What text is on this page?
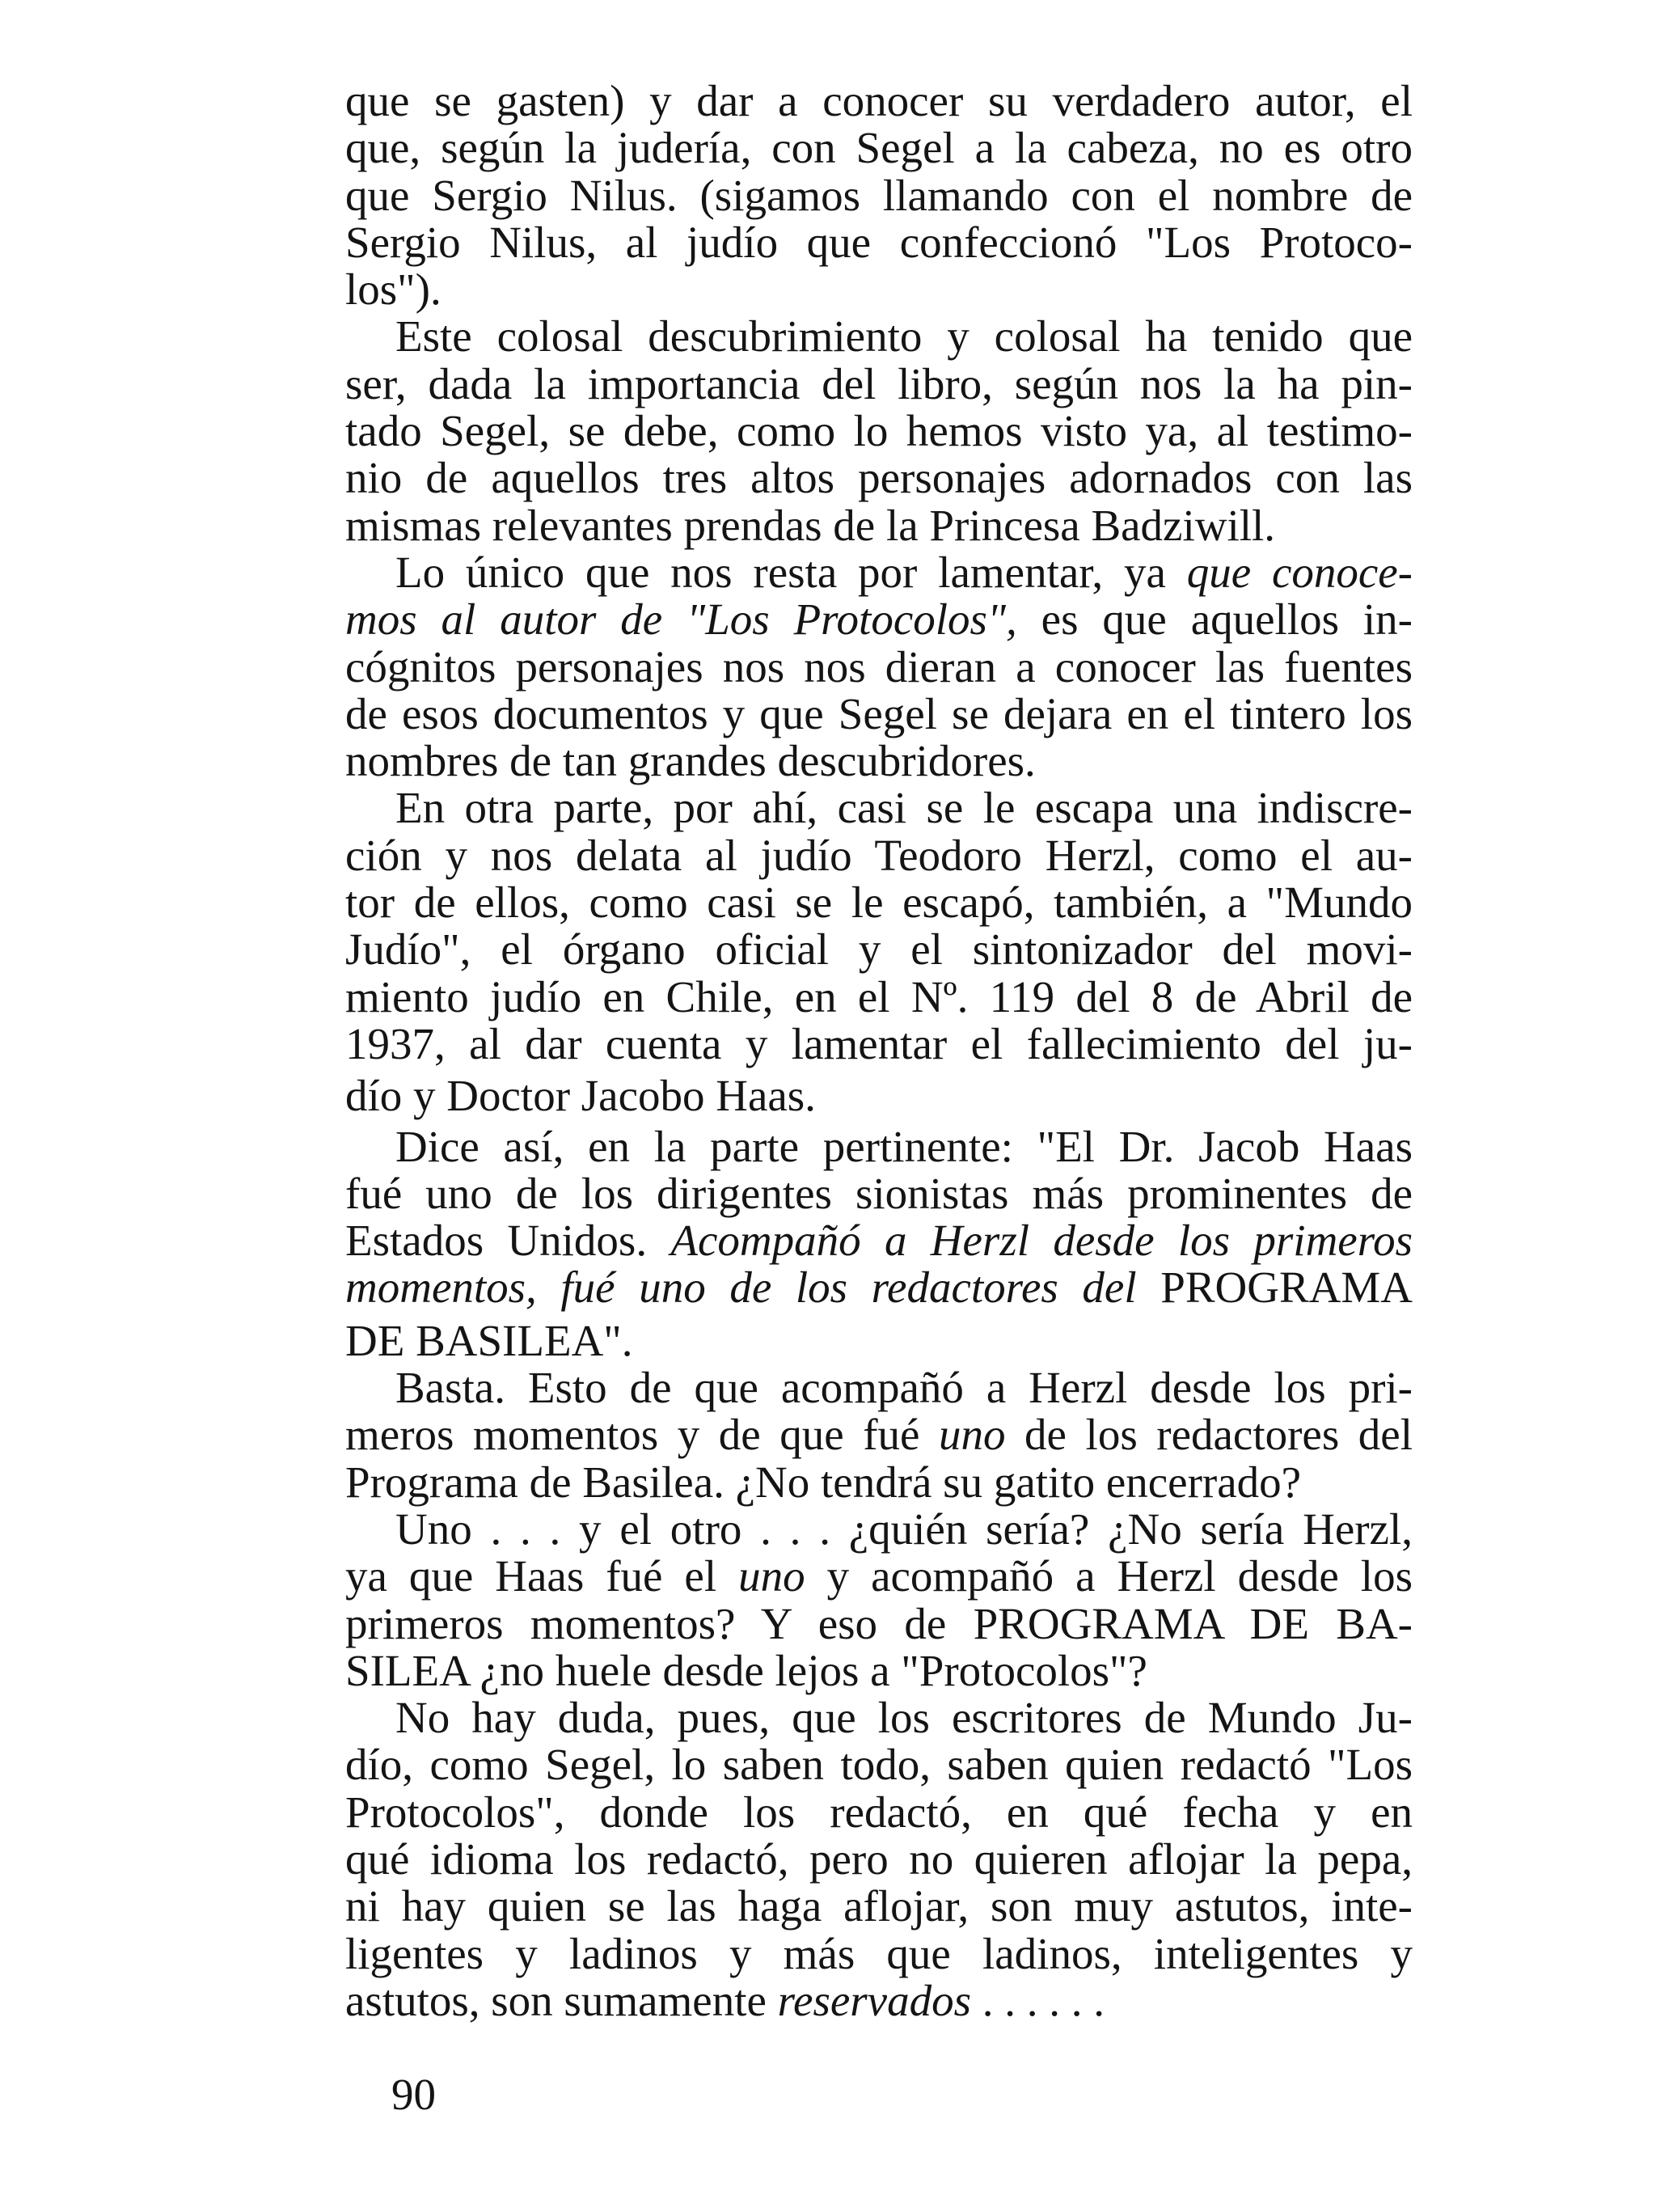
que se gasten) y dar a conocer su verdadero autor, el
que, según la judería, con Segel a la cabeza, no es otro
que Sergio Nilus. (sigamos llamando con el nombre de
Sergio Nilus, al judío que confeccionó "Los Protoco-
los").
Este colosal descubrimiento y colosal ha tenido que
ser, dada la importancia del libro, según nos la ha pin-
tado Segel, se debe, como lo hemos visto ya, al testimo-
nio de aquellos tres altos personajes adornados con las
mismas relevantes prendas de la Princesa Badziwill.
Lo único que nos resta por lamentar, ya que conoce-
mos al autor de "Los Protocolos", es que aquellos in-
cógnitos personajes nos nos dieran a conocer las fuentes
de esos documentos y que Segel se dejara en el tintero los
nombres de tan grandes descubridores.
En otra parte, por ahí, casi se le escapa una indiscre-
ción y nos delata al judío Teodoro Herzl, como el au-
tor de ellos, como casi se le escapó, también, a "Mundo
Judío", el órgano oficial y el sintonizador del movi-
miento judío en Chile, en el Nº. 119 del 8 de Abril de
1937, al dar cuenta y lamentar el fallecimiento del ju-
dío y Doctor Jacobo Haas.
Dice así, en la parte pertinente: "El Dr. Jacob Haas
fué uno de los dirigentes sionistas más prominentes de
Estados Unidos. Acompañó a Herzl desde los primeros
momentos, fué uno de los redactores del PROGRAMA
DE BASILEA".
Basta. Esto de que acompañó a Herzl desde los pri-
meros momentos y de que fué uno de los redactores del
Programa de Basilea. ¿No tendrá su gatito encerrado?
Uno . . . y el otro . . . ¿quién sería? ¿No sería Herzl,
ya que Haas fué el uno y acompañó a Herzl desde los
primeros momentos? Y eso de PROGRAMA DE BA-
SILEA ¿no huele desde lejos a "Protocolos"?
No hay duda, pues, que los escritores de Mundo Ju-
dío, como Segel, lo saben todo, saben quien redactó "Los
Protocolos", donde los redactó, en qué fecha y en
qué idioma los redactó, pero no quieren aflojar la pepa,
ni hay quien se las haga aflojar, son muy astutos, inte-
ligentes y ladinos y más que ladinos, inteligentes y
astutos, son sumamente reservados . . . . . .
90
